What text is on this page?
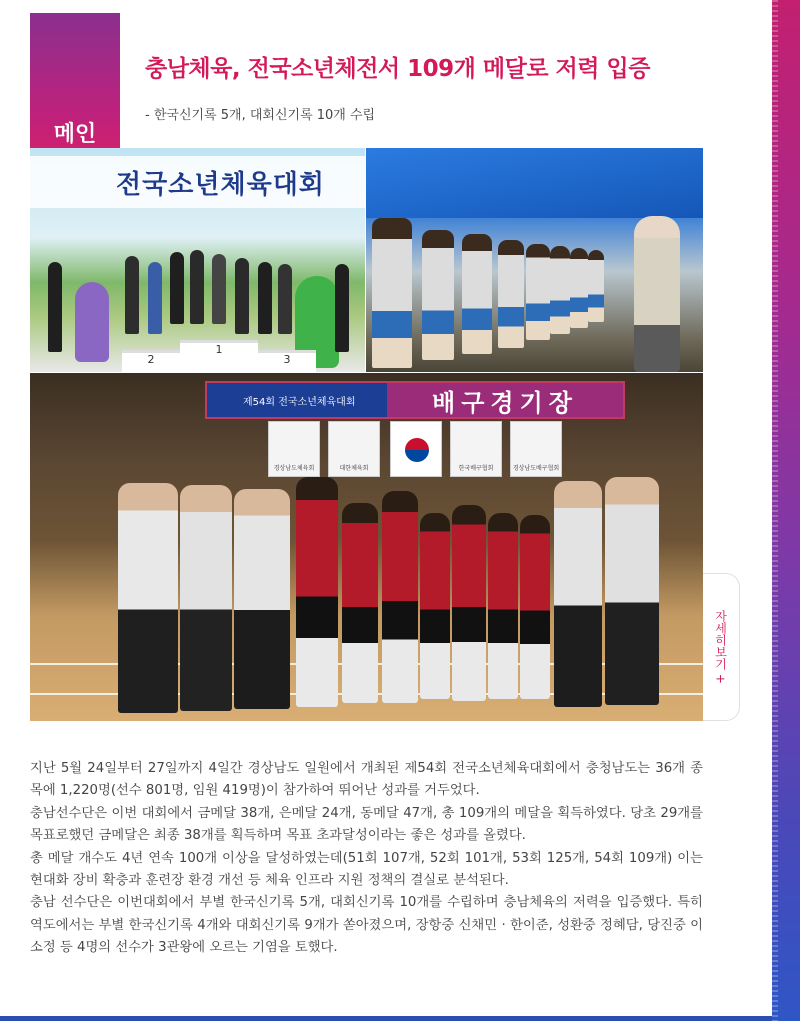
메인
충남체육, 전국소년체전서 109개 메달로 저력 입증
- 한국신기록 5개, 대회신기록 10개 수립
전국소년체육대회
2
1
3
제54회 전국소년체육대회	배구경기장
경상남도체육회	대한체육회	한국배구협회	경상남도배구협회
자세히보기 +

지난 5월 24일부터 27일까지 4일간 경상남도 일원에서 개최된 제54회 전국소년체육대회에서 충청남도는 36개 종목에 1,220명(선수 801명, 임원 419명)이 참가하여 뛰어난 성과를 거두었다.

충남선수단은 이번 대회에서 금메달 38개, 은메달 24개, 동메달 47개, 총 109개의 메달을 획득하였다. 당초 29개를 목표로했던 금메달은 최종 38개를 획득하며 목표 초과달성이라는 좋은 성과를 올렸다.

총 메달 개수도 4년 연속 100개 이상을 달성하였는데(51회 107개, 52회 101개, 53회 125개, 54회 109개) 이는 현대화 장비 확충과 훈련장 환경 개선 등 체육 인프라 지원 정책의 결실로 분석된다.

충남 선수단은 이번대회에서 부별 한국신기록 5개, 대회신기록 10개를 수립하며 충남체육의 저력을 입증했다. 특히 역도에서는 부별 한국신기록 4개와 대회신기록 9개가 쏟아졌으며, 장항중 신채민 · 한이준, 성환중 정혜담, 당진중 이소정 등 4명의 선수가 3관왕에 오르는 기염을 토했다.
